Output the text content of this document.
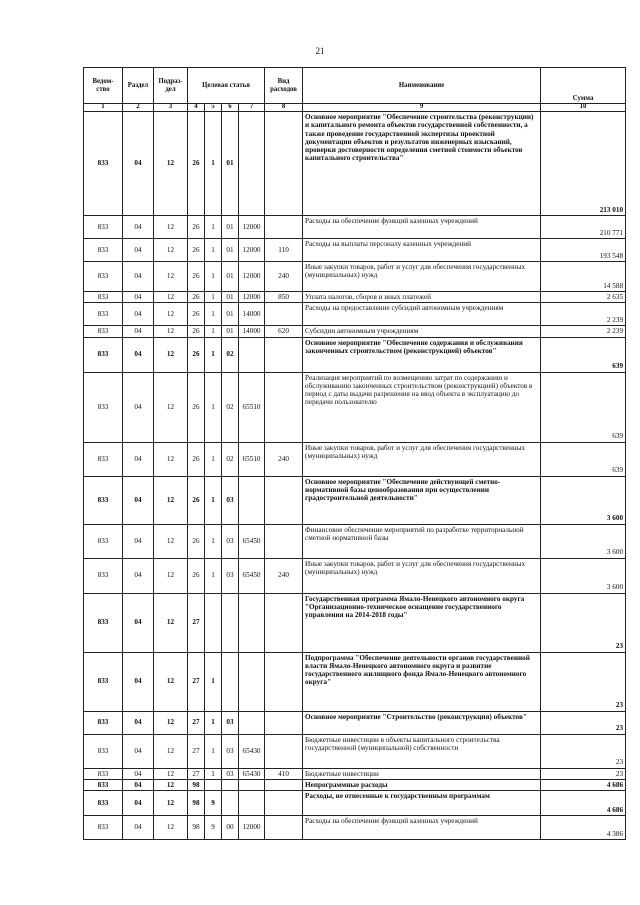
21
Ведом-ство	Раздел	Подраз-дел	Целевая статья				Вид расходов	Наименование	Сумма
1	2	3	4	5	6	7	8	9	10
833	04	12	26	1	01			Основное мероприятие "Обеспечение строительства (реконструкции) и капитального ремонта объектов государственной собственности, а также проведение государственной экспертизы проектной документации объектов и результатов инженерных изысканий, проверки достоверности определения сметной стоимости объектов капитального строительства"	213 010
833	04	12	26	1	01	12000		Расходы на обеспечение функций казенных учреждений	210 771
833	04	12	26	1	01	12000	110	Расходы на выплаты персоналу казенных учреждений	193 548
833	04	12	26	1	01	12000	240	Иные закупки товаров, работ и услуг для обеспечения государственных (муниципальных) нужд	14 588
833	04	12	26	1	01	12000	850	Уплата налогов, сборов и иных платежей	2 635
833	04	12	26	1	01	14000		Расходы на предоставление субсидий автономным учреждениям	2 239
833	04	12	26	1	01	14000	620	Субсидии автономным учреждениям	2 239
833	04	12	26	1	02			Основное мероприятие "Обеспечение содержания и обслуживания законченных строительством (реконструкцией) объектов"	639
833	04	12	26	1	02	65510		Реализация мероприятий по возмещению затрат по содержанию и обслуживанию законченных строительством (реконструкцией) объектов в период с даты выдачи разрешения на ввод объекта в эксплуатацию до передачи пользователю	639
833	04	12	26	1	02	65510	240	Иные закупки товаров, работ и услуг для обеспечения государственных (муниципальных) нужд	639
833	04	12	26	1	03			Основное мероприятие "Обеспечение действующей сметно-нормативной базы ценообразования при осуществлении градостроительной деятельности"	3 600
833	04	12	26	1	03	65450		Финансовое обеспечение мероприятий по разработке территориальной сметной нормативной базы	3 600
833	04	12	26	1	03	65450	240	Иные закупки товаров, работ и услуг для обеспечения государственных (муниципальных) нужд	3 600
833	04	12	27					Государственная программа Ямало-Ненецкого автономного округа "Организационно-техническое оснащение государственного управления на 2014-2018 годы"	23
833	04	12	27	1				Подпрограмма "Обеспечение деятельности органов государственной власти Ямало-Ненецкого автономного округа и развитие государственного жилищного фонда Ямало-Ненецкого автономного округа"	23
833	04	12	27	1	03			Основное мероприятие "Строительство (реконструкция) объектов"	23
833	04	12	27	1	03	65430		Бюджетные инвестиции в объекты капитального строительства государственной (муниципальной) собственности	23
833	04	12	27	1	03	65430	410	Бюджетные инвестиции	23
833	04	12	98					Непрограммные расходы	4 686
833	04	12	98	9				Расходы, не отнесенные к государственным программам	4 686
833	04	12	98	9	00	12000		Расходы на обеспечение функций казенных учреждений	4 386
